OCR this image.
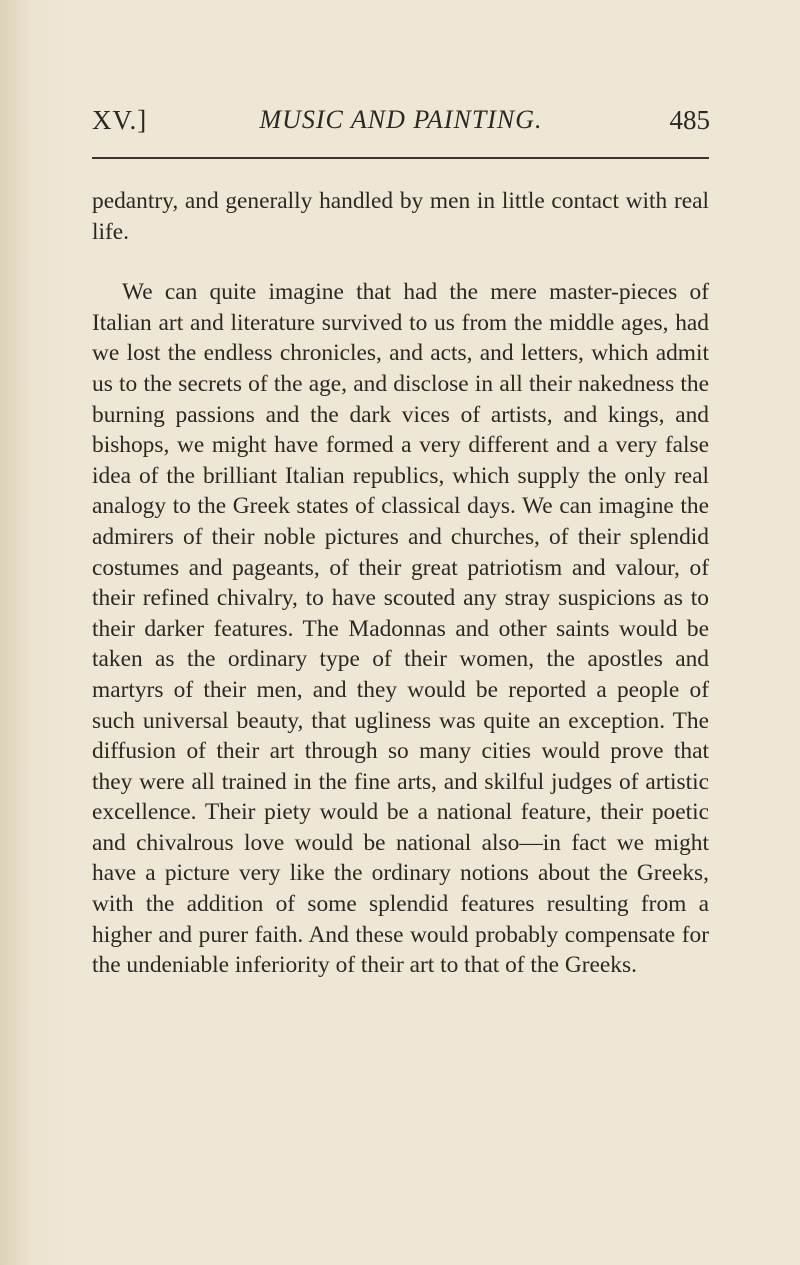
XV.]	MUSIC AND PAINTING.	485

pedantry, and generally handled by men in little contact with real life.

We can quite imagine that had the mere master-pieces of Italian art and literature survived to us from the middle ages, had we lost the endless chronicles, and acts, and letters, which admit us to the secrets of the age, and disclose in all their nakedness the burning passions and the dark vices of artists, and kings, and bishops, we might have formed a very different and a very false idea of the brilliant Italian republics, which supply the only real analogy to the Greek states of classical days. We can imagine the admirers of their noble pictures and churches, of their splendid costumes and pageants, of their great patriotism and valour, of their refined chivalry, to have scouted any stray suspicions as to their darker features. The Madonnas and other saints would be taken as the ordinary type of their women, the apostles and martyrs of their men, and they would be reported a people of such universal beauty, that ugliness was quite an exception. The diffusion of their art through so many cities would prove that they were all trained in the fine arts, and skilful judges of artistic excellence. Their piety would be a national feature, their poetic and chivalrous love would be national also—in fact we might have a picture very like the ordinary notions about the Greeks, with the addition of some splendid features resulting from a higher and purer faith. And these would probably compensate for the undeniable inferiority of their art to that of the Greeks.
